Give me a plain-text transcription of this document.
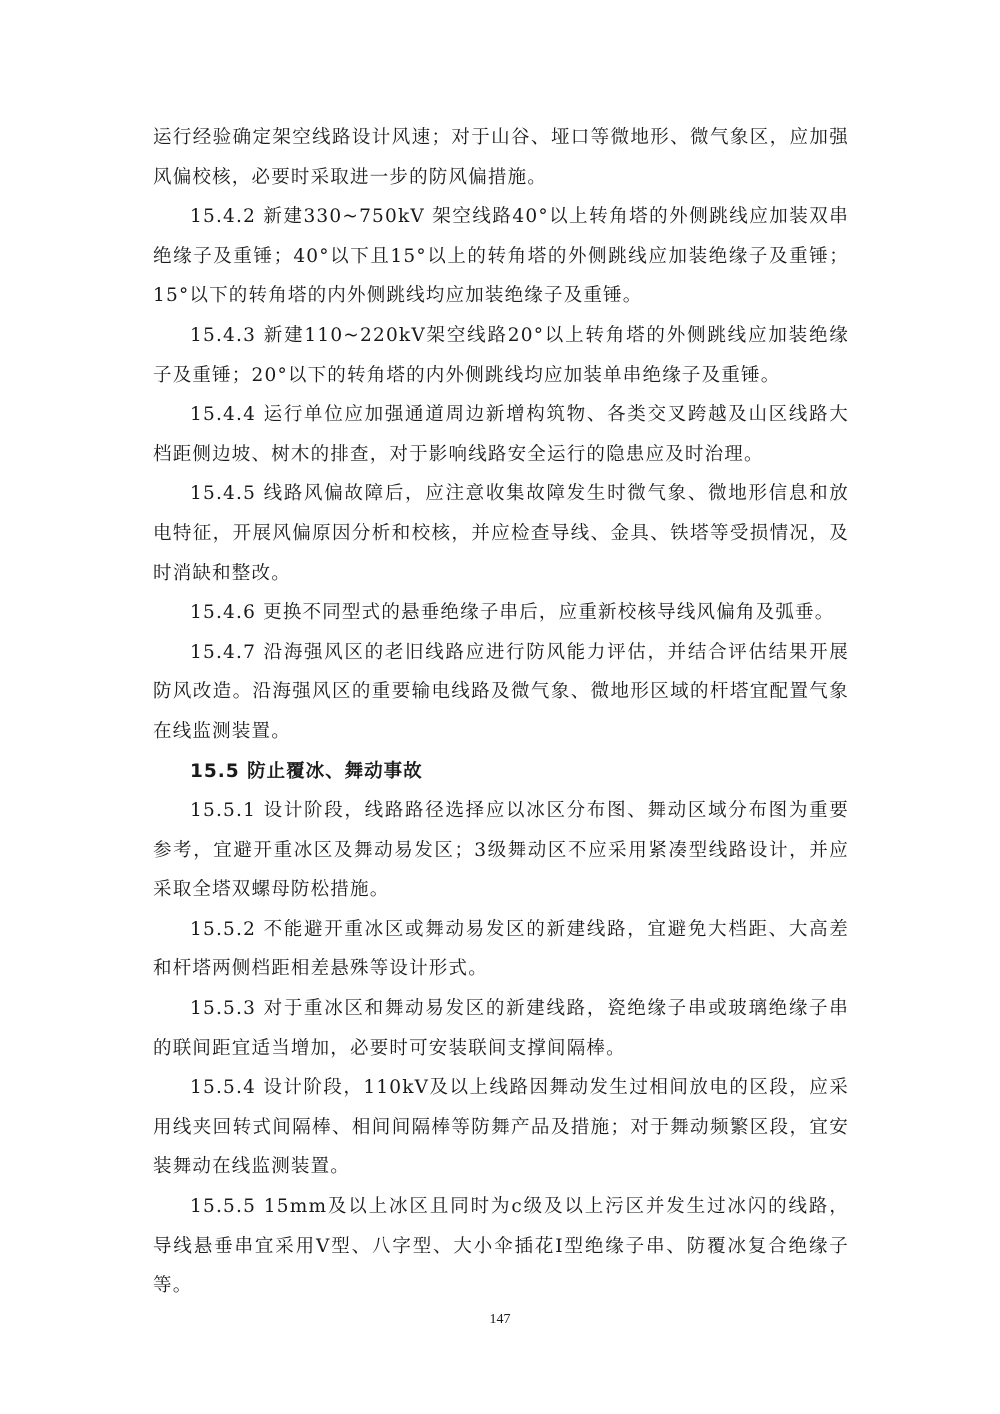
运行经验确定架空线路设计风速；对于山谷、垭口等微地形、微气象区，应加强风偏校核，必要时采取进一步的防风偏措施。

15.4.2 新建330~750kV 架空线路40°以上转角塔的外侧跳线应加装双串绝缘子及重锤；40°以下且15°以上的转角塔的外侧跳线应加装绝缘子及重锤；15°以下的转角塔的内外侧跳线均应加装绝缘子及重锤。

15.4.3 新建110~220kV架空线路20°以上转角塔的外侧跳线应加装绝缘子及重锤；20°以下的转角塔的内外侧跳线均应加装单串绝缘子及重锤。

15.4.4 运行单位应加强通道周边新增构筑物、各类交叉跨越及山区线路大档距侧边坡、树木的排查，对于影响线路安全运行的隐患应及时治理。

15.4.5 线路风偏故障后，应注意收集故障发生时微气象、微地形信息和放电特征，开展风偏原因分析和校核，并应检查导线、金具、铁塔等受损情况，及时消缺和整改。

15.4.6 更换不同型式的悬垂绝缘子串后，应重新校核导线风偏角及弧垂。

15.4.7 沿海强风区的老旧线路应进行防风能力评估，并结合评估结果开展防风改造。沿海强风区的重要输电线路及微气象、微地形区域的杆塔宜配置气象在线监测装置。

15.5 防止覆冰、舞动事故

15.5.1 设计阶段，线路路径选择应以冰区分布图、舞动区域分布图为重要参考，宜避开重冰区及舞动易发区；3级舞动区不应采用紧凑型线路设计，并应采取全塔双螺母防松措施。

15.5.2 不能避开重冰区或舞动易发区的新建线路，宜避免大档距、大高差和杆塔两侧档距相差悬殊等设计形式。

15.5.3 对于重冰区和舞动易发区的新建线路，瓷绝缘子串或玻璃绝缘子串的联间距宜适当增加，必要时可安装联间支撑间隔棒。

15.5.4 设计阶段，110kV及以上线路因舞动发生过相间放电的区段，应采用线夹回转式间隔棒、相间间隔棒等防舞产品及措施；对于舞动频繁区段，宜安装舞动在线监测装置。

15.5.5 15mm及以上冰区且同时为c级及以上污区并发生过冰闪的线路，导线悬垂串宜采用V型、八字型、大小伞插花I型绝缘子串、防覆冰复合绝缘子等。

147
